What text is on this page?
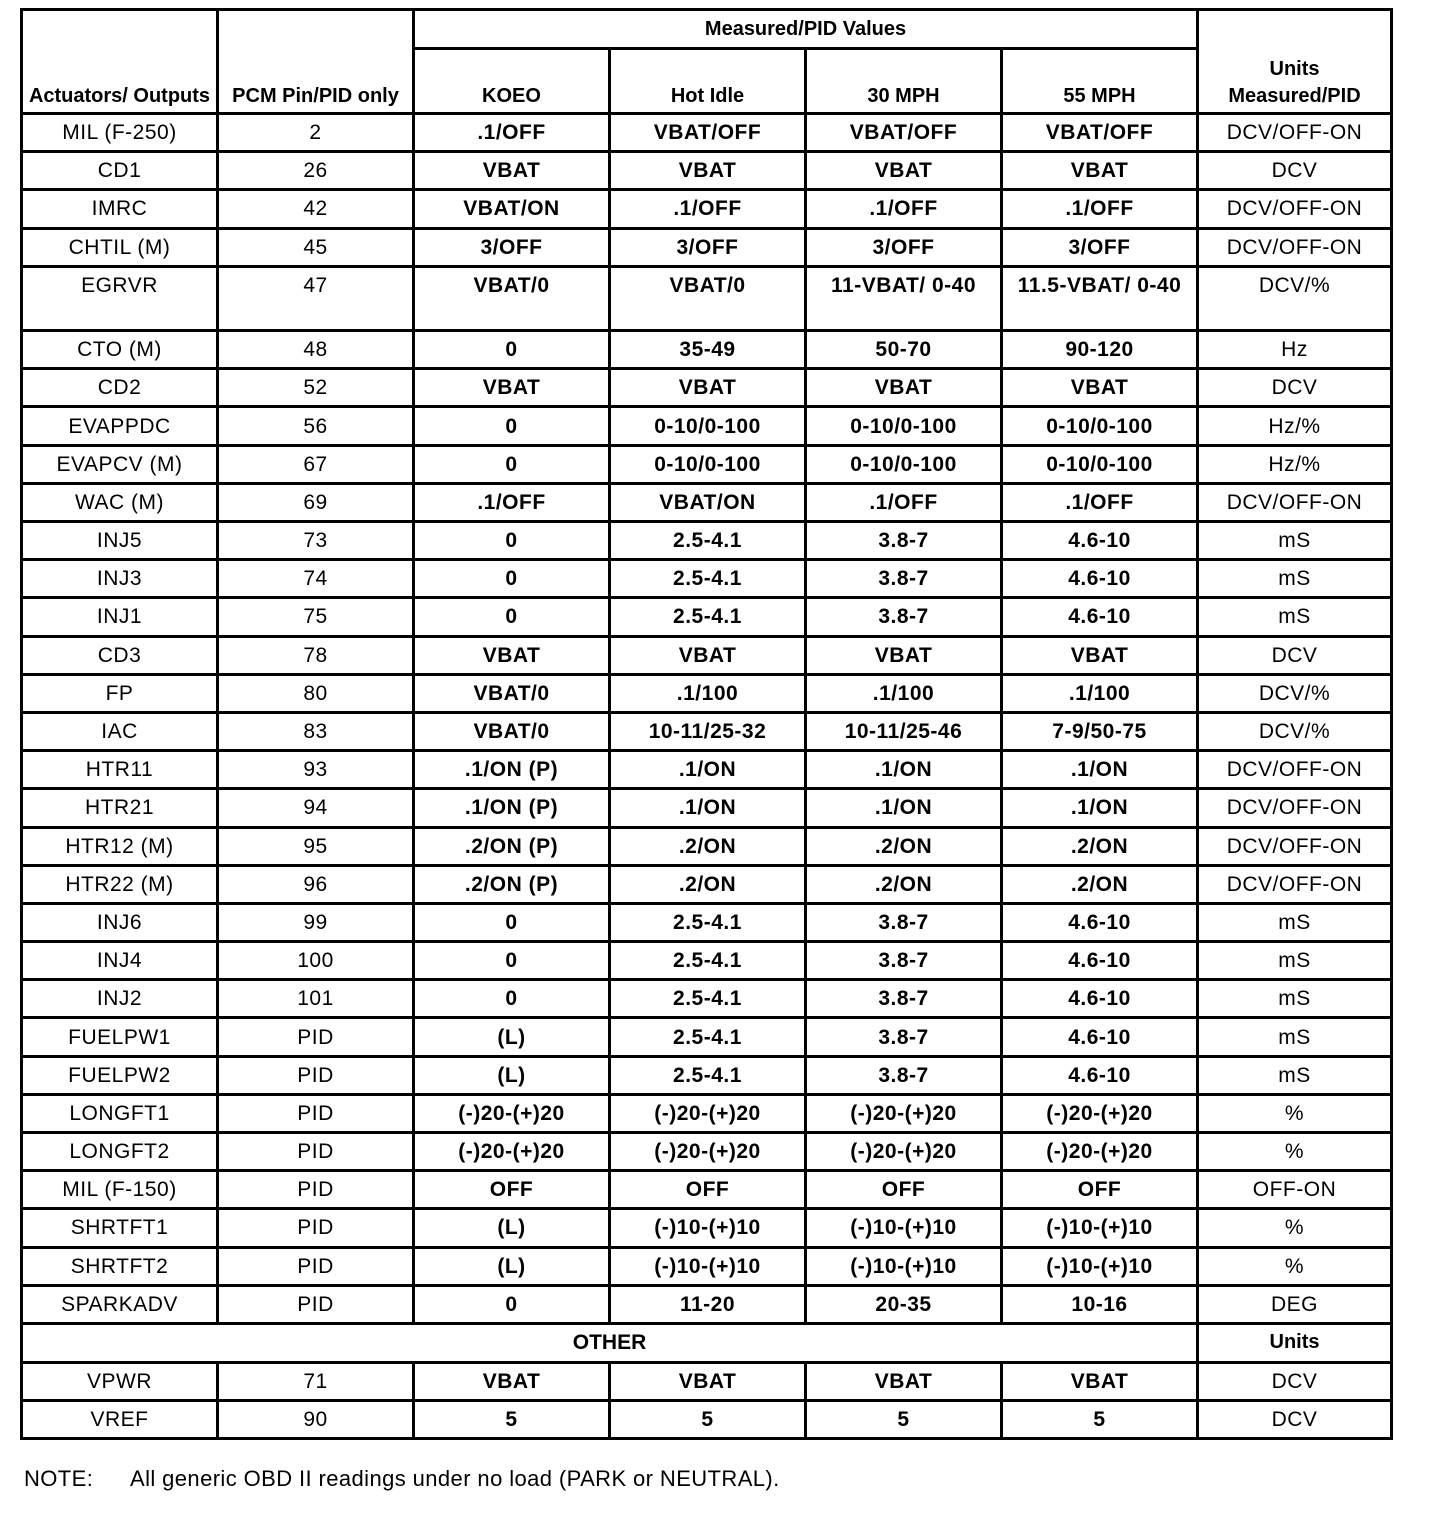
Actuators/ Outputs	PCM Pin/PID only	Measured/PID Values				Units Measured/PID
		KOEO	Hot Idle	30 MPH	55 MPH	
MIL (F-250)	2	.1/OFF	VBAT/OFF	VBAT/OFF	VBAT/OFF	DCV/OFF-ON
CD1	26	VBAT	VBAT	VBAT	VBAT	DCV
IMRC	42	VBAT/ON	.1/OFF	.1/OFF	.1/OFF	DCV/OFF-ON
CHTIL (M)	45	3/OFF	3/OFF	3/OFF	3/OFF	DCV/OFF-ON
EGRVR	47	VBAT/0	VBAT/0	11-VBAT/ 0-40	11.5-VBAT/ 0-40	DCV/%
CTO (M)	48	0	35-49	50-70	90-120	Hz
CD2	52	VBAT	VBAT	VBAT	VBAT	DCV
EVAPPDC	56	0	0-10/0-100	0-10/0-100	0-10/0-100	Hz/%
EVAPCV (M)	67	0	0-10/0-100	0-10/0-100	0-10/0-100	Hz/%
WAC (M)	69	.1/OFF	VBAT/ON	.1/OFF	.1/OFF	DCV/OFF-ON
INJ5	73	0	2.5-4.1	3.8-7	4.6-10	mS
INJ3	74	0	2.5-4.1	3.8-7	4.6-10	mS
INJ1	75	0	2.5-4.1	3.8-7	4.6-10	mS
CD3	78	VBAT	VBAT	VBAT	VBAT	DCV
FP	80	VBAT/0	.1/100	.1/100	.1/100	DCV/%
IAC	83	VBAT/0	10-11/25-32	10-11/25-46	7-9/50-75	DCV/%
HTR11	93	.1/ON (P)	.1/ON	.1/ON	.1/ON	DCV/OFF-ON
HTR21	94	.1/ON (P)	.1/ON	.1/ON	.1/ON	DCV/OFF-ON
HTR12 (M)	95	.2/ON (P)	.2/ON	.2/ON	.2/ON	DCV/OFF-ON
HTR22 (M)	96	.2/ON (P)	.2/ON	.2/ON	.2/ON	DCV/OFF-ON
INJ6	99	0	2.5-4.1	3.8-7	4.6-10	mS
INJ4	100	0	2.5-4.1	3.8-7	4.6-10	mS
INJ2	101	0	2.5-4.1	3.8-7	4.6-10	mS
FUELPW1	PID	(L)	2.5-4.1	3.8-7	4.6-10	mS
FUELPW2	PID	(L)	2.5-4.1	3.8-7	4.6-10	mS
LONGFT1	PID	(-)20-(+)20	(-)20-(+)20	(-)20-(+)20	(-)20-(+)20	%
LONGFT2	PID	(-)20-(+)20	(-)20-(+)20	(-)20-(+)20	(-)20-(+)20	%
MIL (F-150)	PID	OFF	OFF	OFF	OFF	OFF-ON
SHRTFT1	PID	(L)	(-)10-(+)10	(-)10-(+)10	(-)10-(+)10	%
SHRTFT2	PID	(L)	(-)10-(+)10	(-)10-(+)10	(-)10-(+)10	%
SPARKADV	PID	0	11-20	20-35	10-16	DEG
OTHER						Units
VPWR	71	VBAT	VBAT	VBAT	VBAT	DCV
VREF	90	5	5	5	5	DCV
NOTE: All generic OBD II readings under no load (PARK or NEUTRAL).
